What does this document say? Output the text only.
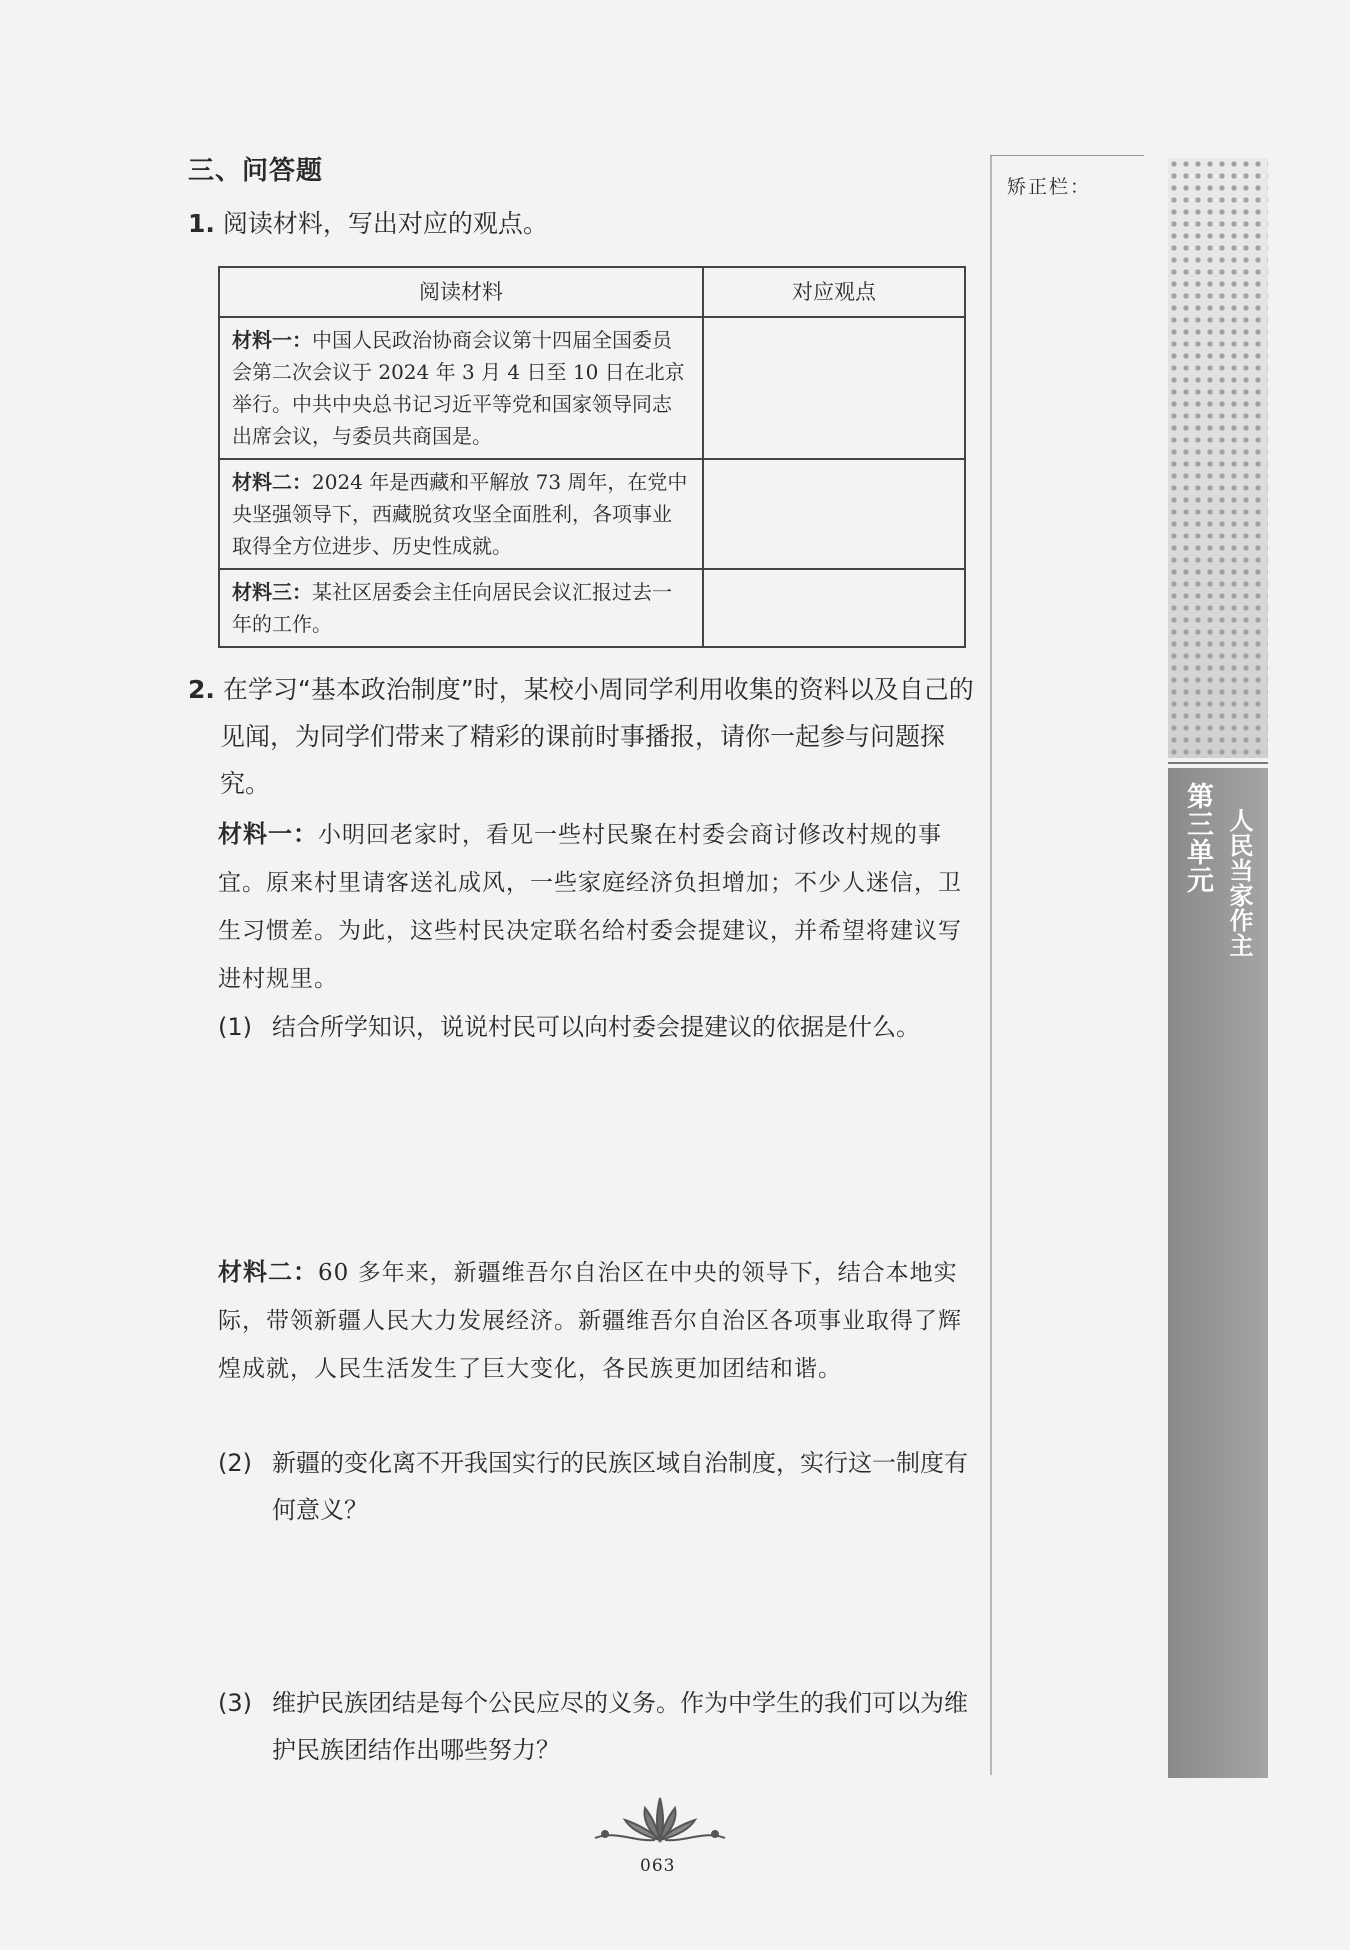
三、问答题
1. 阅读材料，写出对应的观点。
阅读材料	对应观点
材料一：中国人民政治协商会议第十四届全国委员会第二次会议于 2024 年 3 月 4 日至 10 日在北京举行。中共中央总书记习近平等党和国家领导同志出席会议，与委员共商国是。	
材料二：2024 年是西藏和平解放 73 周年，在党中央坚强领导下，西藏脱贫攻坚全面胜利，各项事业取得全方位进步、历史性成就。	
材料三：某社区居委会主任向居民会议汇报过去一年的工作。	
2. 在学习“基本政治制度”时，某校小周同学利用收集的资料以及自己的见闻，为同学们带来了精彩的课前时事播报，请你一起参与问题探究。
材料一：小明回老家时，看见一些村民聚在村委会商讨修改村规的事宜。原来村里请客送礼成风，一些家庭经济负担增加；不少人迷信，卫生习惯差。为此，这些村民决定联名给村委会提建议，并希望将建议写进村规里。
(1) 结合所学知识，说说村民可以向村委会提建议的依据是什么。
材料二：60 多年来，新疆维吾尔自治区在中央的领导下，结合本地实际，带领新疆人民大力发展经济。新疆维吾尔自治区各项事业取得了辉煌成就，人民生活发生了巨大变化，各民族更加团结和谐。
(2) 新疆的变化离不开我国实行的民族区域自治制度，实行这一制度有何意义？
(3) 维护民族团结是每个公民应尽的义务。作为中学生的我们可以为维护民族团结作出哪些努力？
矫正栏：
第三单元 人民当家作主
063
